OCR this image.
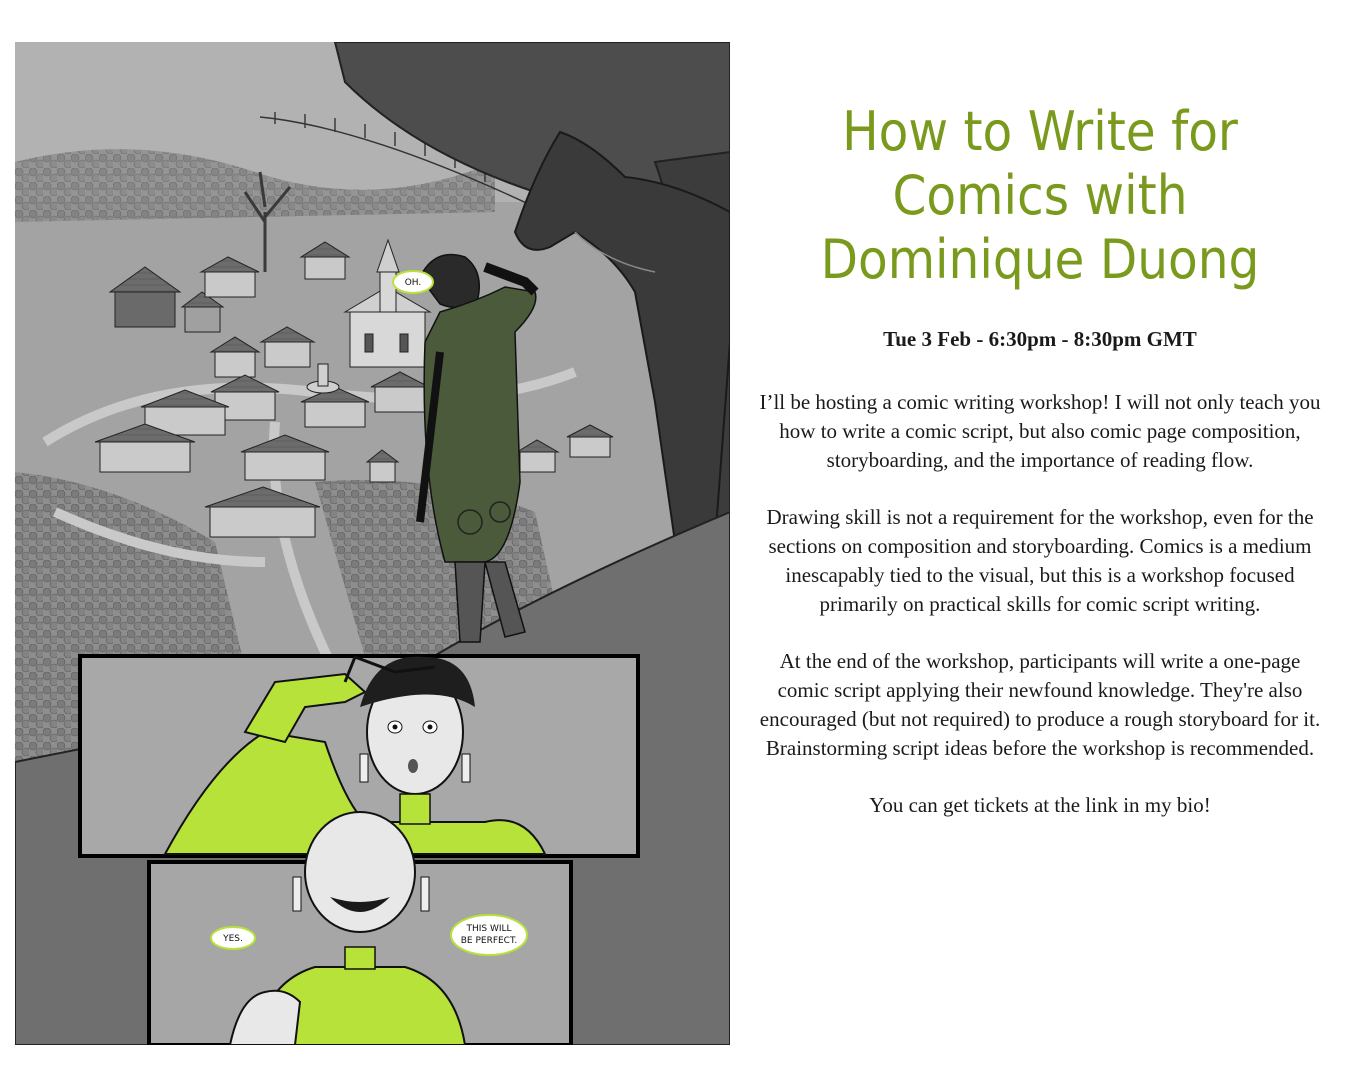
OH.
YES.
THIS WILL
BE PERFECT.
How to Write for Comics with Dominique Duong

Tue 3 Feb - 6:30pm - 8:30pm GMT

I’ll be hosting a comic writing workshop! I will not only teach you how to write a comic script, but also comic page composition, storyboarding, and the importance of reading flow.

Drawing skill is not a requirement for the workshop, even for the sections on composition and storyboarding. Comics is a medium inescapably tied to the visual, but this is a workshop focused primarily on practical skills for comic script writing.

At the end of the workshop, participants will write a one-page comic script applying their newfound knowledge. They're also encouraged (but not required) to produce a rough storyboard for it. Brainstorming script ideas before the workshop is recommended.

You can get tickets at the link in my bio!
